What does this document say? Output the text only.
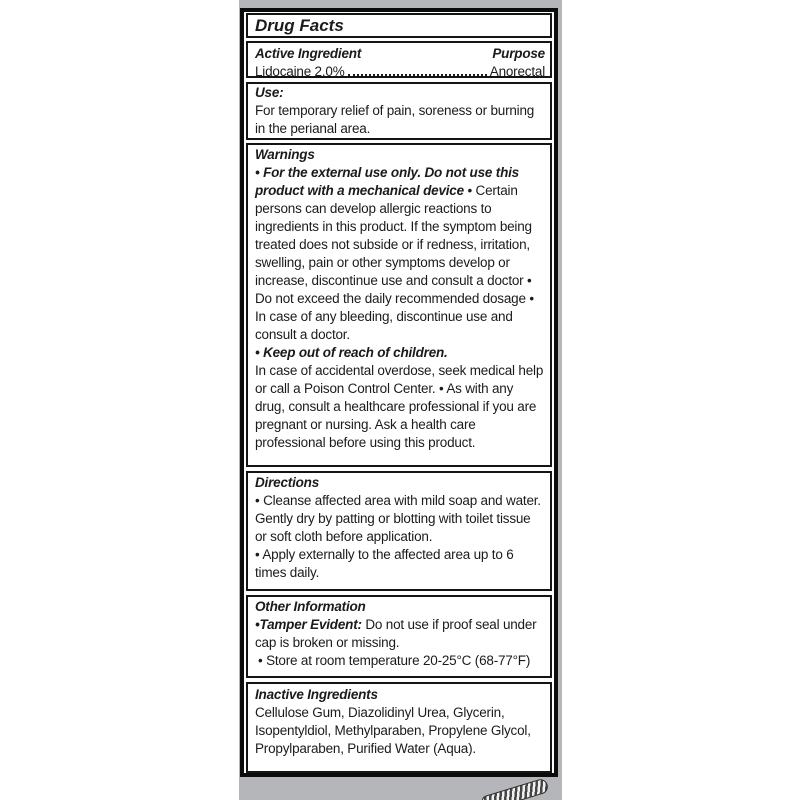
Drug Facts
Active Ingredient	Purpose
Lidocaine 2.0%	Anorectal

Use:

For temporary relief of pain, soreness or burning in the perianal area.

Warnings

• For the external use only. Do not use this product with a mechanical device • Certain persons can develop allergic reactions to ingredients in this product. If the symptom being treated does not subside or if redness, irritation, swelling, pain or other symptoms develop or increase, discontinue use and consult a doctor • Do not exceed the daily recommended dosage • In case of any bleeding, discontinue use and consult a doctor.

• Keep out of reach of children.

In case of accidental overdose, seek medical help or call a Poison Control Center. • As with any drug, consult a healthcare professional if you are pregnant or nursing. Ask a health care professional before using this product.

Directions

• Cleanse affected area with mild soap and water. Gently dry by patting or blotting with toilet tissue or soft cloth before application.

• Apply externally to the affected area up to 6 times daily.

Other Information

•Tamper Evident: Do not use if proof seal under cap is broken or missing.

• Store at room temperature 20-25°C (68-77°F)

Inactive Ingredients

Cellulose Gum, Diazolidinyl Urea, Glycerin, Isopentyldiol, Methylparaben, Propylene Glycol, Propylparaben, Purified Water (Aqua).
